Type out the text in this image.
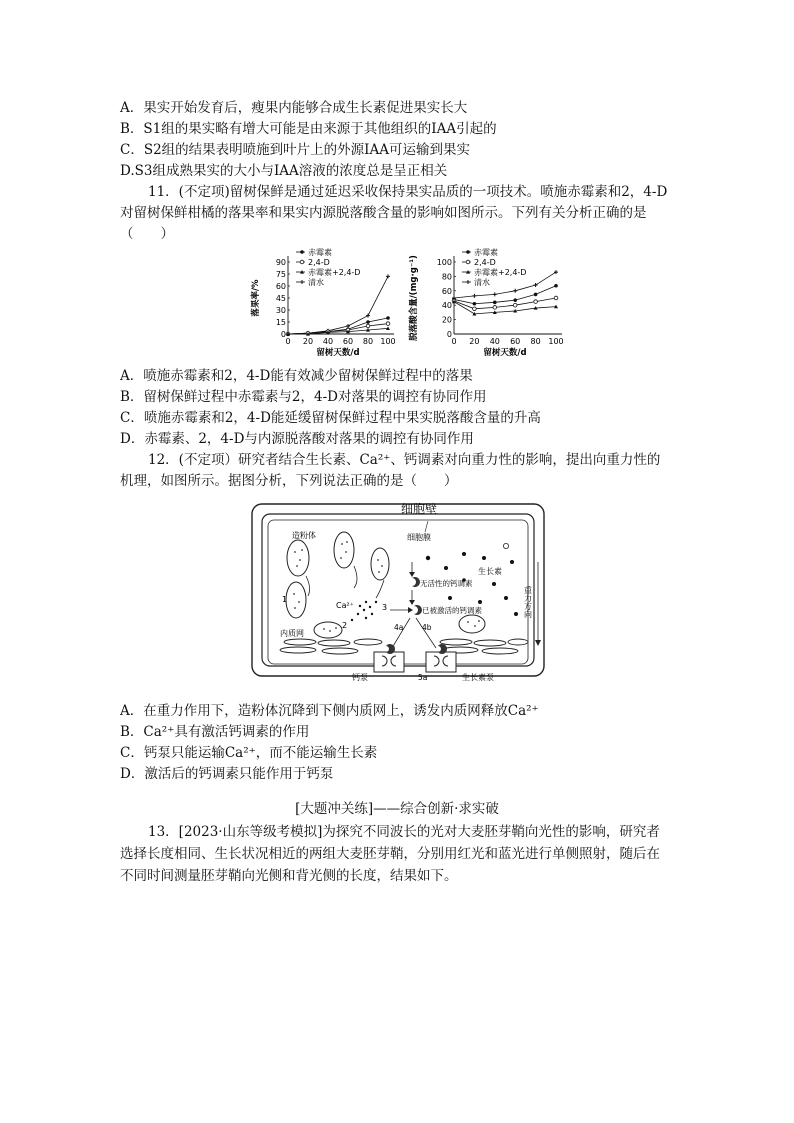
A．果实开始发育后，瘦果内能够合成生长素促进果实长大
B．S1组的果实略有增大可能是由来源于其他组织的IAA引起的
C．S2组的结果表明喷施到叶片上的外源IAA可运输到果实
D.S3组成熟果实的大小与IAA溶液的浓度总是呈正相关
11．(不定项)留树保鲜是通过延迟采收保持果实品质的一项技术。喷施赤霉素和2，4-D
对留树保鲜柑橘的落果率和果实内源脱落酸含量的影响如图所示。下列有关分析正确的是
（　　）
0 20 40 60 80 100
0
15
30
45
60
75
90
留树天数/d
落果率/%
赤霉素
2,4-D
赤霉素+2,4-D
清水
0 20 40 60 80 100
0
20
40
60
80
100
留树天数/d
脱落酸含量/(mg·g⁻¹)
赤霉素
2,4-D
赤霉素+2,4-D
清水
A．喷施赤霉素和2，4-D能有效减少留树保鲜过程中的落果
B．留树保鲜过程中赤霉素与2，4-D对落果的调控有协同作用
C．喷施赤霉素和2，4-D能延缓留树保鲜过程中果实脱落酸含量的升高
D．赤霉素、2，4-D与内源脱落酸对落果的调控有协同作用
12．(不定项）研究者结合生长素、Ca²⁺、钙调素对向重力性的影响，提出向重力性的
机理，如图所示。据图分析，下列说法正确的是（　　）
细胞壁
细胞膜
造粉体
1
2
3
Ca²⁺
生长素
无活性的钙调素
已被激活的钙调素
4a 4b
内质网
钙泵	5a	生长素泵
重力方向
A．在重力作用下，造粉体沉降到下侧内质网上，诱发内质网释放Ca²⁺
B．Ca²⁺具有激活钙调素的作用
C．钙泵只能运输Ca²⁺，而不能运输生长素
D．激活后的钙调素只能作用于钙泵
[大题冲关练]——综合创新·求实破
13．[2023·山东等级考模拟]为探究不同波长的光对大麦胚芽鞘向光性的影响，研究者
选择长度相同、生长状况相近的两组大麦胚芽鞘，分别用红光和蓝光进行单侧照射，随后在
不同时间测量胚芽鞘向光侧和背光侧的长度，结果如下。
